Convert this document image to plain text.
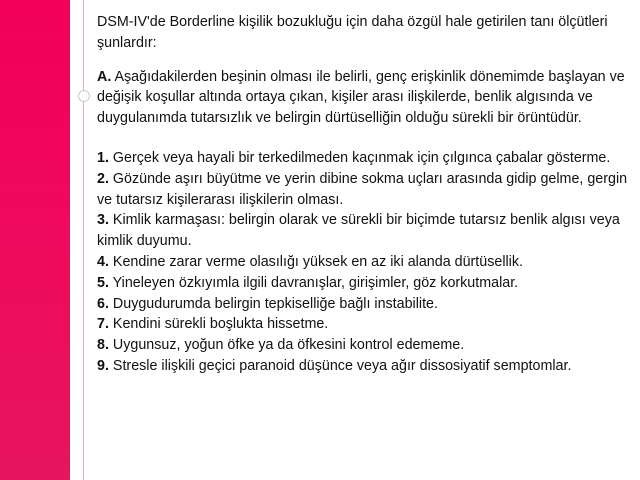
DSM-IV'de Borderline kişilik bozukluğu için daha özgül hale getirilen tanı ölçütleri şunlardır:

A. Aşağıdakilerden beşinin olması ile belirli, genç erişkinlik dönemimde başlayan ve değişik koşullar altında ortaya çıkan, kişiler arası ilişkilerde, benlik algısında ve duygulanımda tutarsızlık ve belirgin dürtüselliğin olduğu sürekli bir örüntüdür.

1. Gerçek veya hayali bir terkedilmeden kaçınmak için çılgınca çabalar gösterme.
2. Gözünde aşırı büyütme ve yerin dibine sokma uçları arasında gidip gelme, gergin ve tutarsız kişilerarası ilişkilerin olması.
3. Kimlik karmaşası: belirgin olarak ve sürekli bir biçimde tutarsız benlik algısı veya kimlik duyumu.
4. Kendine zarar verme olasılığı yüksek en az iki alanda dürtüsellik.
5. Yineleyen özkıyımla ilgili davranışlar, girişimler, göz korkutmalar.
6. Duygudurumda belirgin tepkiselliğe bağlı instabilite.
7. Kendini sürekli boşlukta hissetme.
8. Uygunsuz, yoğun öfke ya da öfkesini kontrol edememe.
9. Stresle ilişkili geçici paranoid düşünce veya ağır dissosiyatif semptomlar.
